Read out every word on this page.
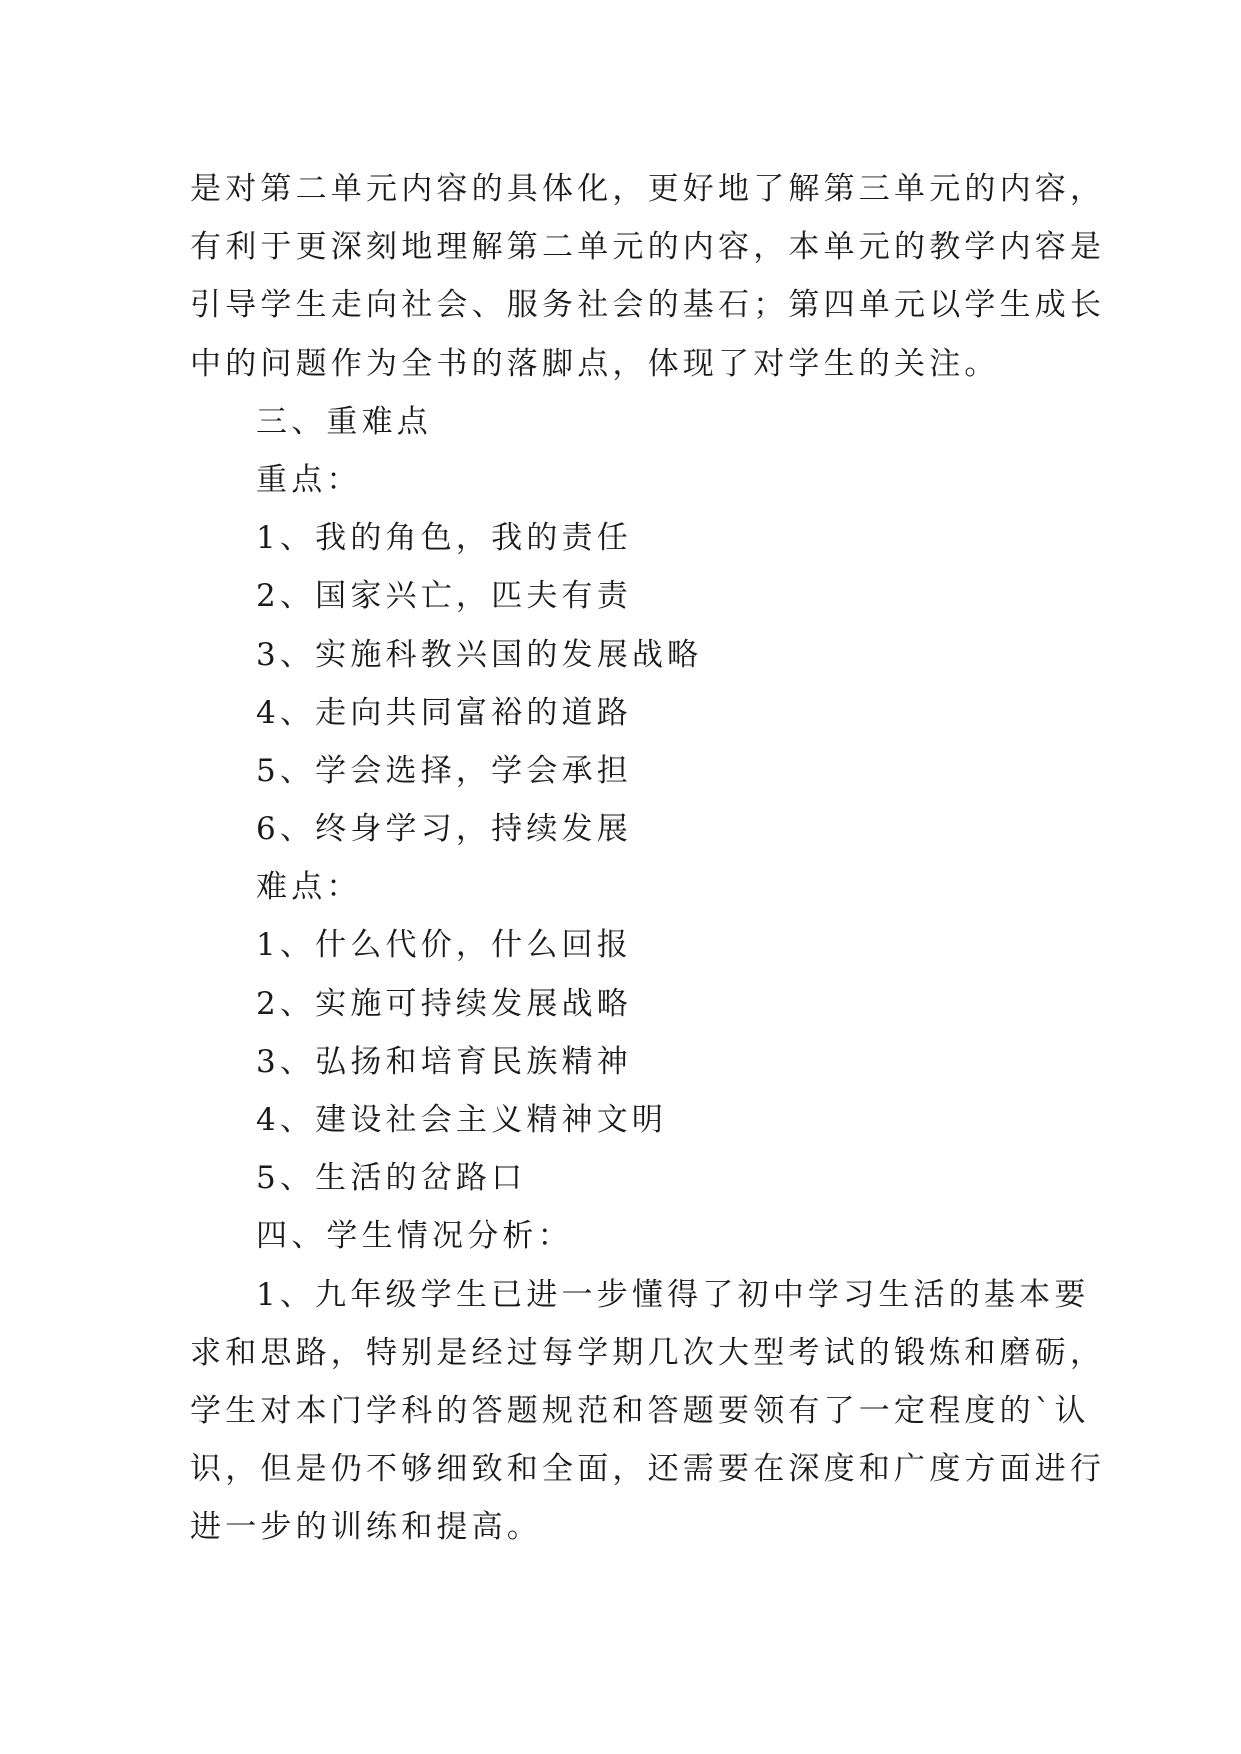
是对第二单元内容的具体化，更好地了解第三单元的内容，
有利于更深刻地理解第二单元的内容，本单元的教学内容是
引导学生走向社会、服务社会的基石；第四单元以学生成长
中的问题作为全书的落脚点，体现了对学生的关注。
三、重难点
重点：
1、我的角色，我的责任
2、国家兴亡，匹夫有责
3、实施科教兴国的发展战略
4、走向共同富裕的道路
5、学会选择，学会承担
6、终身学习，持续发展
难点：
1、什么代价，什么回报
2、实施可持续发展战略
3、弘扬和培育民族精神
4、建设社会主义精神文明
5、生活的岔路口
四、学生情况分析：
1、九年级学生已进一步懂得了初中学习生活的基本要
求和思路，特别是经过每学期几次大型考试的锻炼和磨砺，
学生对本门学科的答题规范和答题要领有了一定程度的`认
识，但是仍不够细致和全面，还需要在深度和广度方面进行
进一步的训练和提高。
